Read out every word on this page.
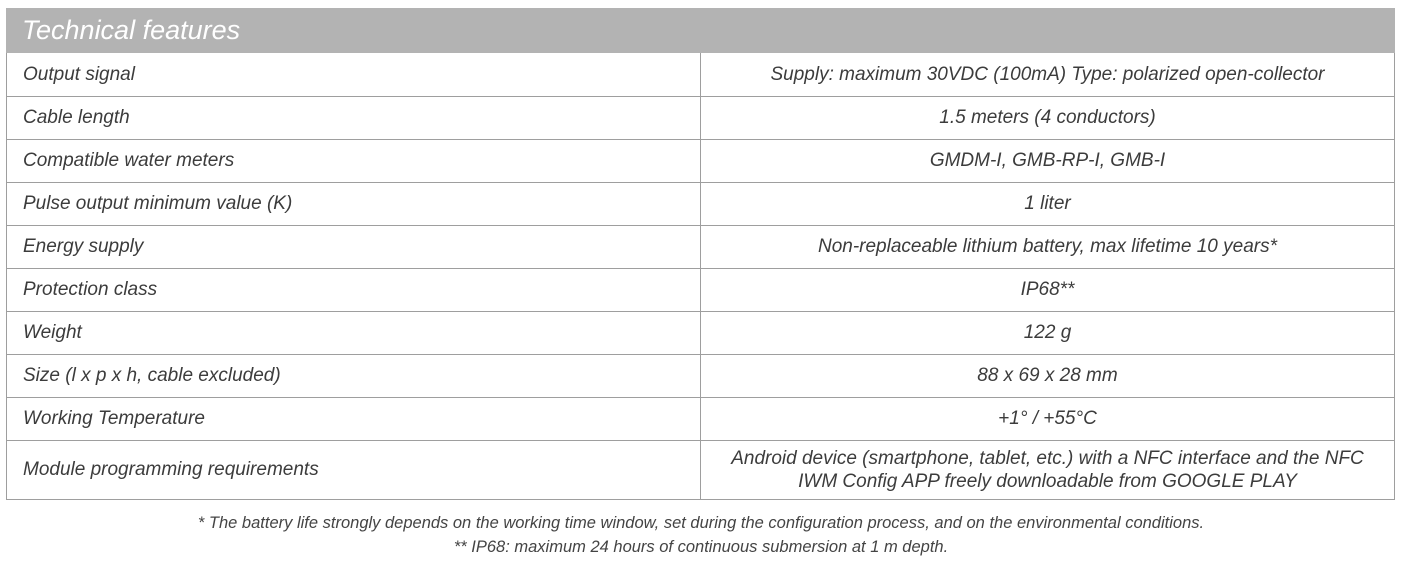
Technical features
Output signal	Supply: maximum 30VDC (100mA) Type: polarized open-collector
Cable length	1.5 meters (4 conductors)
Compatible water meters	GMDM-I, GMB-RP-I, GMB-I
Pulse output minimum value (K)	1 liter
Energy supply	Non-replaceable lithium battery, max lifetime 10 years*
Protection class	IP68**
Weight	122 g
Size (l x p x h, cable excluded)	88 x 69 x 28 mm
Working Temperature	+1° / +55°C
Module programming requirements	Android device (smartphone, tablet, etc.) with a NFC interface and the NFC
IWM Config APP freely downloadable from GOOGLE PLAY
* The battery life strongly depends on the working time window, set during the configuration process, and on the environmental conditions.
** IP68: maximum 24 hours of continuous submersion at 1 m depth.
